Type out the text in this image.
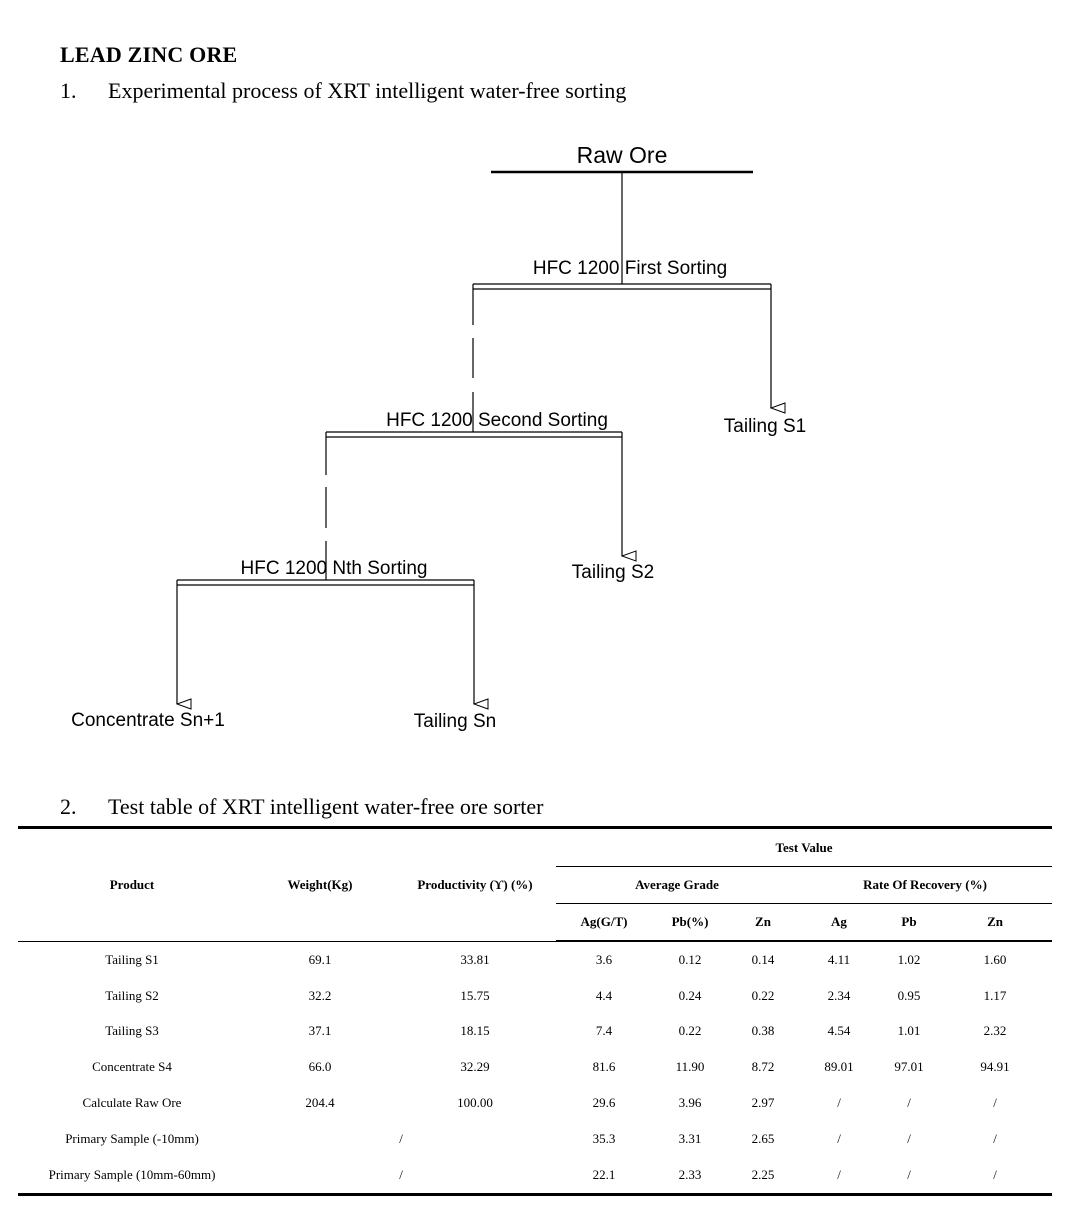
LEAD ZINC ORE
1. Experimental process of XRT intelligent water-free sorting
Raw Ore
HFC 1200 First Sorting
Tailing S1
HFC 1200 Second Sorting
Tailing S2
HFC 1200 Nth Sorting
Concentrate Sn+1	Tailing Sn
2. Test table of XRT intelligent water-free ore sorter
Product	Weight(Kg)	Productivity (ϒ) (%)	Test Value					
			Average Grade			Rate Of Recovery (%)		
			Ag(G/T)	Pb(%)	Zn	Ag	Pb	Zn

Tailing S1	69.1	33.81	3.6	0.12	0.14	4.11	1.02	1.60
Tailing S2	32.2	15.75	4.4	0.24	0.22	2.34	0.95	1.17
Tailing S3	37.1	18.15	7.4	0.22	0.38	4.54	1.01	2.32
Concentrate S4	66.0	32.29	81.6	11.90	8.72	89.01	97.01	94.91
Calculate Raw Ore	204.4	100.00	29.6	3.96	2.97	/	/	/
Primary Sample (-10mm)	/		35.3	3.31	2.65	/	/	/
Primary Sample (10mm-60mm)	/		22.1	2.33	2.25	/	/	/
